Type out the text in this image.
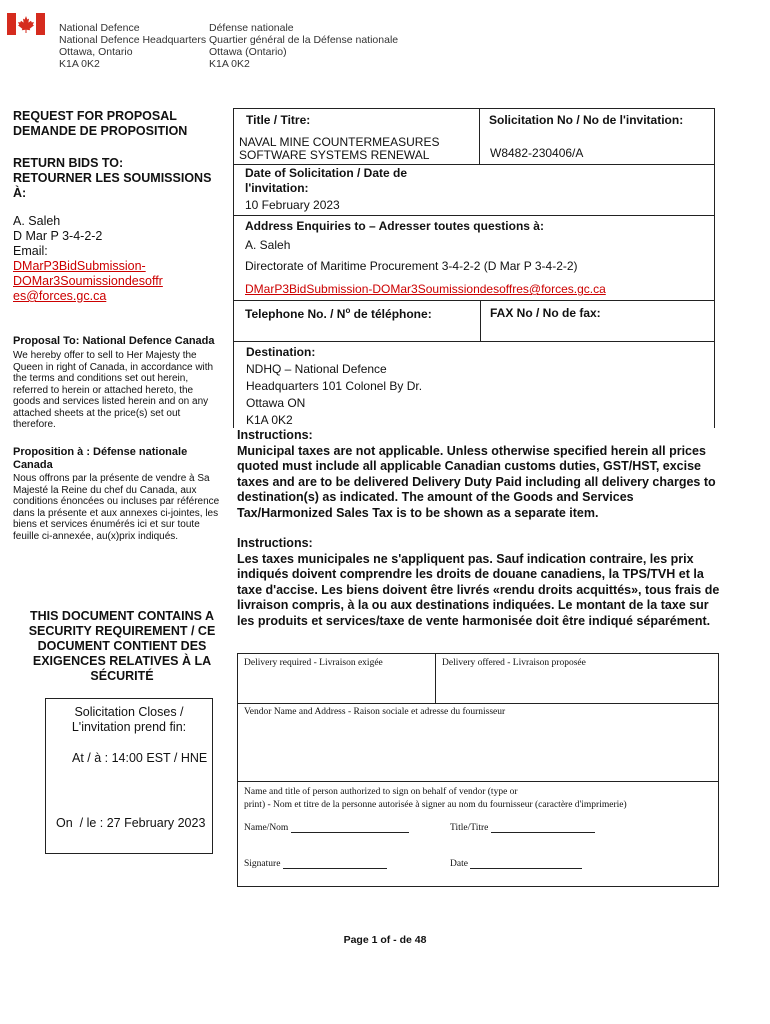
National Defence
National Defence Headquarters
Ottawa, Ontario
K1A 0K2
Défense nationale
Quartier général de la Défense nationale
Ottawa (Ontario)
K1A 0K2
REQUEST FOR PROPOSAL
DEMANDE DE PROPOSITION
RETURN BIDS TO:
RETOURNER LES SOUMISSIONS
À:
A. Saleh
D Mar P 3-4-2-2
Email:
DMarP3BidSubmission-
DOMar3Soumissiondesoffr
es@forces.gc.ca
Proposal To: National Defence Canada
We hereby offer to sell to Her Majesty the Queen in right of Canada, in accordance with the terms and conditions set out herein, referred to herein or attached hereto, the goods and services listed herein and on any attached sheets at the price(s) set out therefore.
Proposition à : Défense nationale Canada
Nous offrons par la présente de vendre à Sa Majesté la Reine du chef du Canada, aux conditions énoncées ou incluses par référence dans la présente et aux annexes ci-jointes, les biens et services énumérés ici et sur toute feuille ci-annexée, au(x)prix indiqués.
THIS DOCUMENT CONTAINS A SECURITY REQUIREMENT / CE DOCUMENT CONTIENT DES EXIGENCES RELATIVES À LA SÉCURITÉ
Solicitation Closes /
L'invitation prend fin:
At / à : 14:00 EST / HNE
On  / le : 27 February 2023
Title / Titre:
NAVAL MINE COUNTERMEASURES
SOFTWARE SYSTEMS RENEWAL
Solicitation No / No de l'invitation:
W8482-230406/A
Date of Solicitation / Date de
l'invitation:
10 February 2023
Address Enquiries to – Adresser toutes questions à:
A. Saleh
Directorate of Maritime Procurement 3-4-2-2 (D Mar P 3-4-2-2)
DMarP3BidSubmission-DOMar3Soumissiondesoffres@forces.gc.ca
Telephone No. / $N^o$ de téléphone:	FAX No / No de fax:
Destination:
NDHQ – National Defence
Headquarters 101 Colonel By Dr.
Ottawa ON
K1A 0K2
Instructions:
Municipal taxes are not applicable. Unless otherwise specified herein all prices quoted must include all applicable Canadian customs duties, GST/HST, excise taxes and are to be delivered Delivery Duty Paid including all delivery charges to destination(s) as indicated. The amount of the Goods and Services Tax/Harmonized Sales Tax is to be shown as a separate item.
Instructions:
Les taxes municipales ne s'appliquent pas. Sauf indication contraire, les prix indiqués doivent comprendre les droits de douane canadiens, la TPS/TVH et la taxe d'accise. Les biens doivent être livrés «rendu droits acquittés», tous frais de livraison compris, à la ou aux destinations indiquées. Le montant de la taxe sur les produits et services/taxe de vente harmonisée doit être indiqué séparément.
Delivery required - Livraison exigée	Delivery offered - Livraison proposée
Vendor Name and Address - Raison sociale et adresse du fournisseur
Name and title of person authorized to sign on behalf of vendor (type or
print) - Nom et titre de la personne autorisée à signer au nom du fournisseur (caractère d'imprimerie)
Name/Nom	Title/Titre
Signature	Date
Page 1 of - de 48
